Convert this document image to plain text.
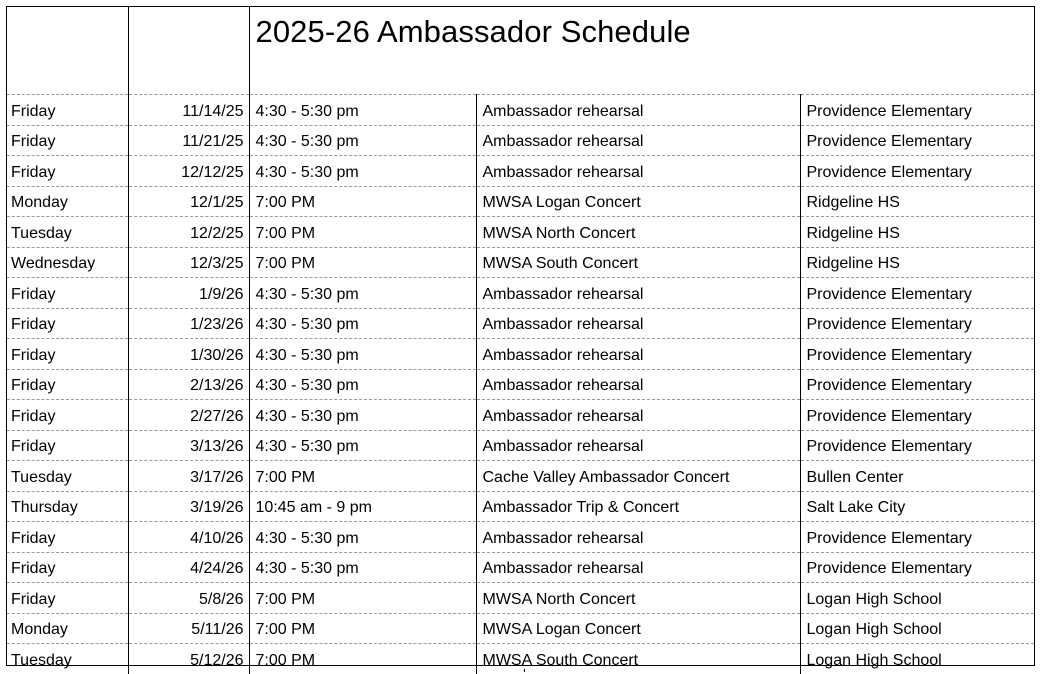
		2025-26 Ambassador Schedule		
Friday	11/14/25	4:30 - 5:30 pm	Ambassador rehearsal	Providence Elementary
Friday	11/21/25	4:30 - 5:30 pm	Ambassador rehearsal	Providence Elementary
Friday	12/12/25	4:30 - 5:30 pm	Ambassador rehearsal	Providence Elementary
Monday	12/1/25	7:00 PM	MWSA Logan Concert	Ridgeline HS
Tuesday	12/2/25	7:00 PM	MWSA North Concert	Ridgeline HS
Wednesday	12/3/25	7:00 PM	MWSA South Concert	Ridgeline HS
Friday	1/9/26	4:30 - 5:30 pm	Ambassador rehearsal	Providence Elementary
Friday	1/23/26	4:30 - 5:30 pm	Ambassador rehearsal	Providence Elementary
Friday	1/30/26	4:30 - 5:30 pm	Ambassador rehearsal	Providence Elementary
Friday	2/13/26	4:30 - 5:30 pm	Ambassador rehearsal	Providence Elementary
Friday	2/27/26	4:30 - 5:30 pm	Ambassador rehearsal	Providence Elementary
Friday	3/13/26	4:30 - 5:30 pm	Ambassador rehearsal	Providence Elementary
Tuesday	3/17/26	7:00 PM	Cache Valley Ambassador Concert	Bullen Center
Thursday	3/19/26	10:45 am - 9 pm	Ambassador Trip & Concert	Salt Lake City
Friday	4/10/26	4:30 - 5:30 pm	Ambassador rehearsal	Providence Elementary
Friday	4/24/26	4:30 - 5:30 pm	Ambassador rehearsal	Providence Elementary
Friday	5/8/26	7:00 PM	MWSA North Concert	Logan High School
Monday	5/11/26	7:00 PM	MWSA Logan Concert	Logan High School
Tuesday	5/12/26	7:00 PM	MWSA South Concert	Logan High School
